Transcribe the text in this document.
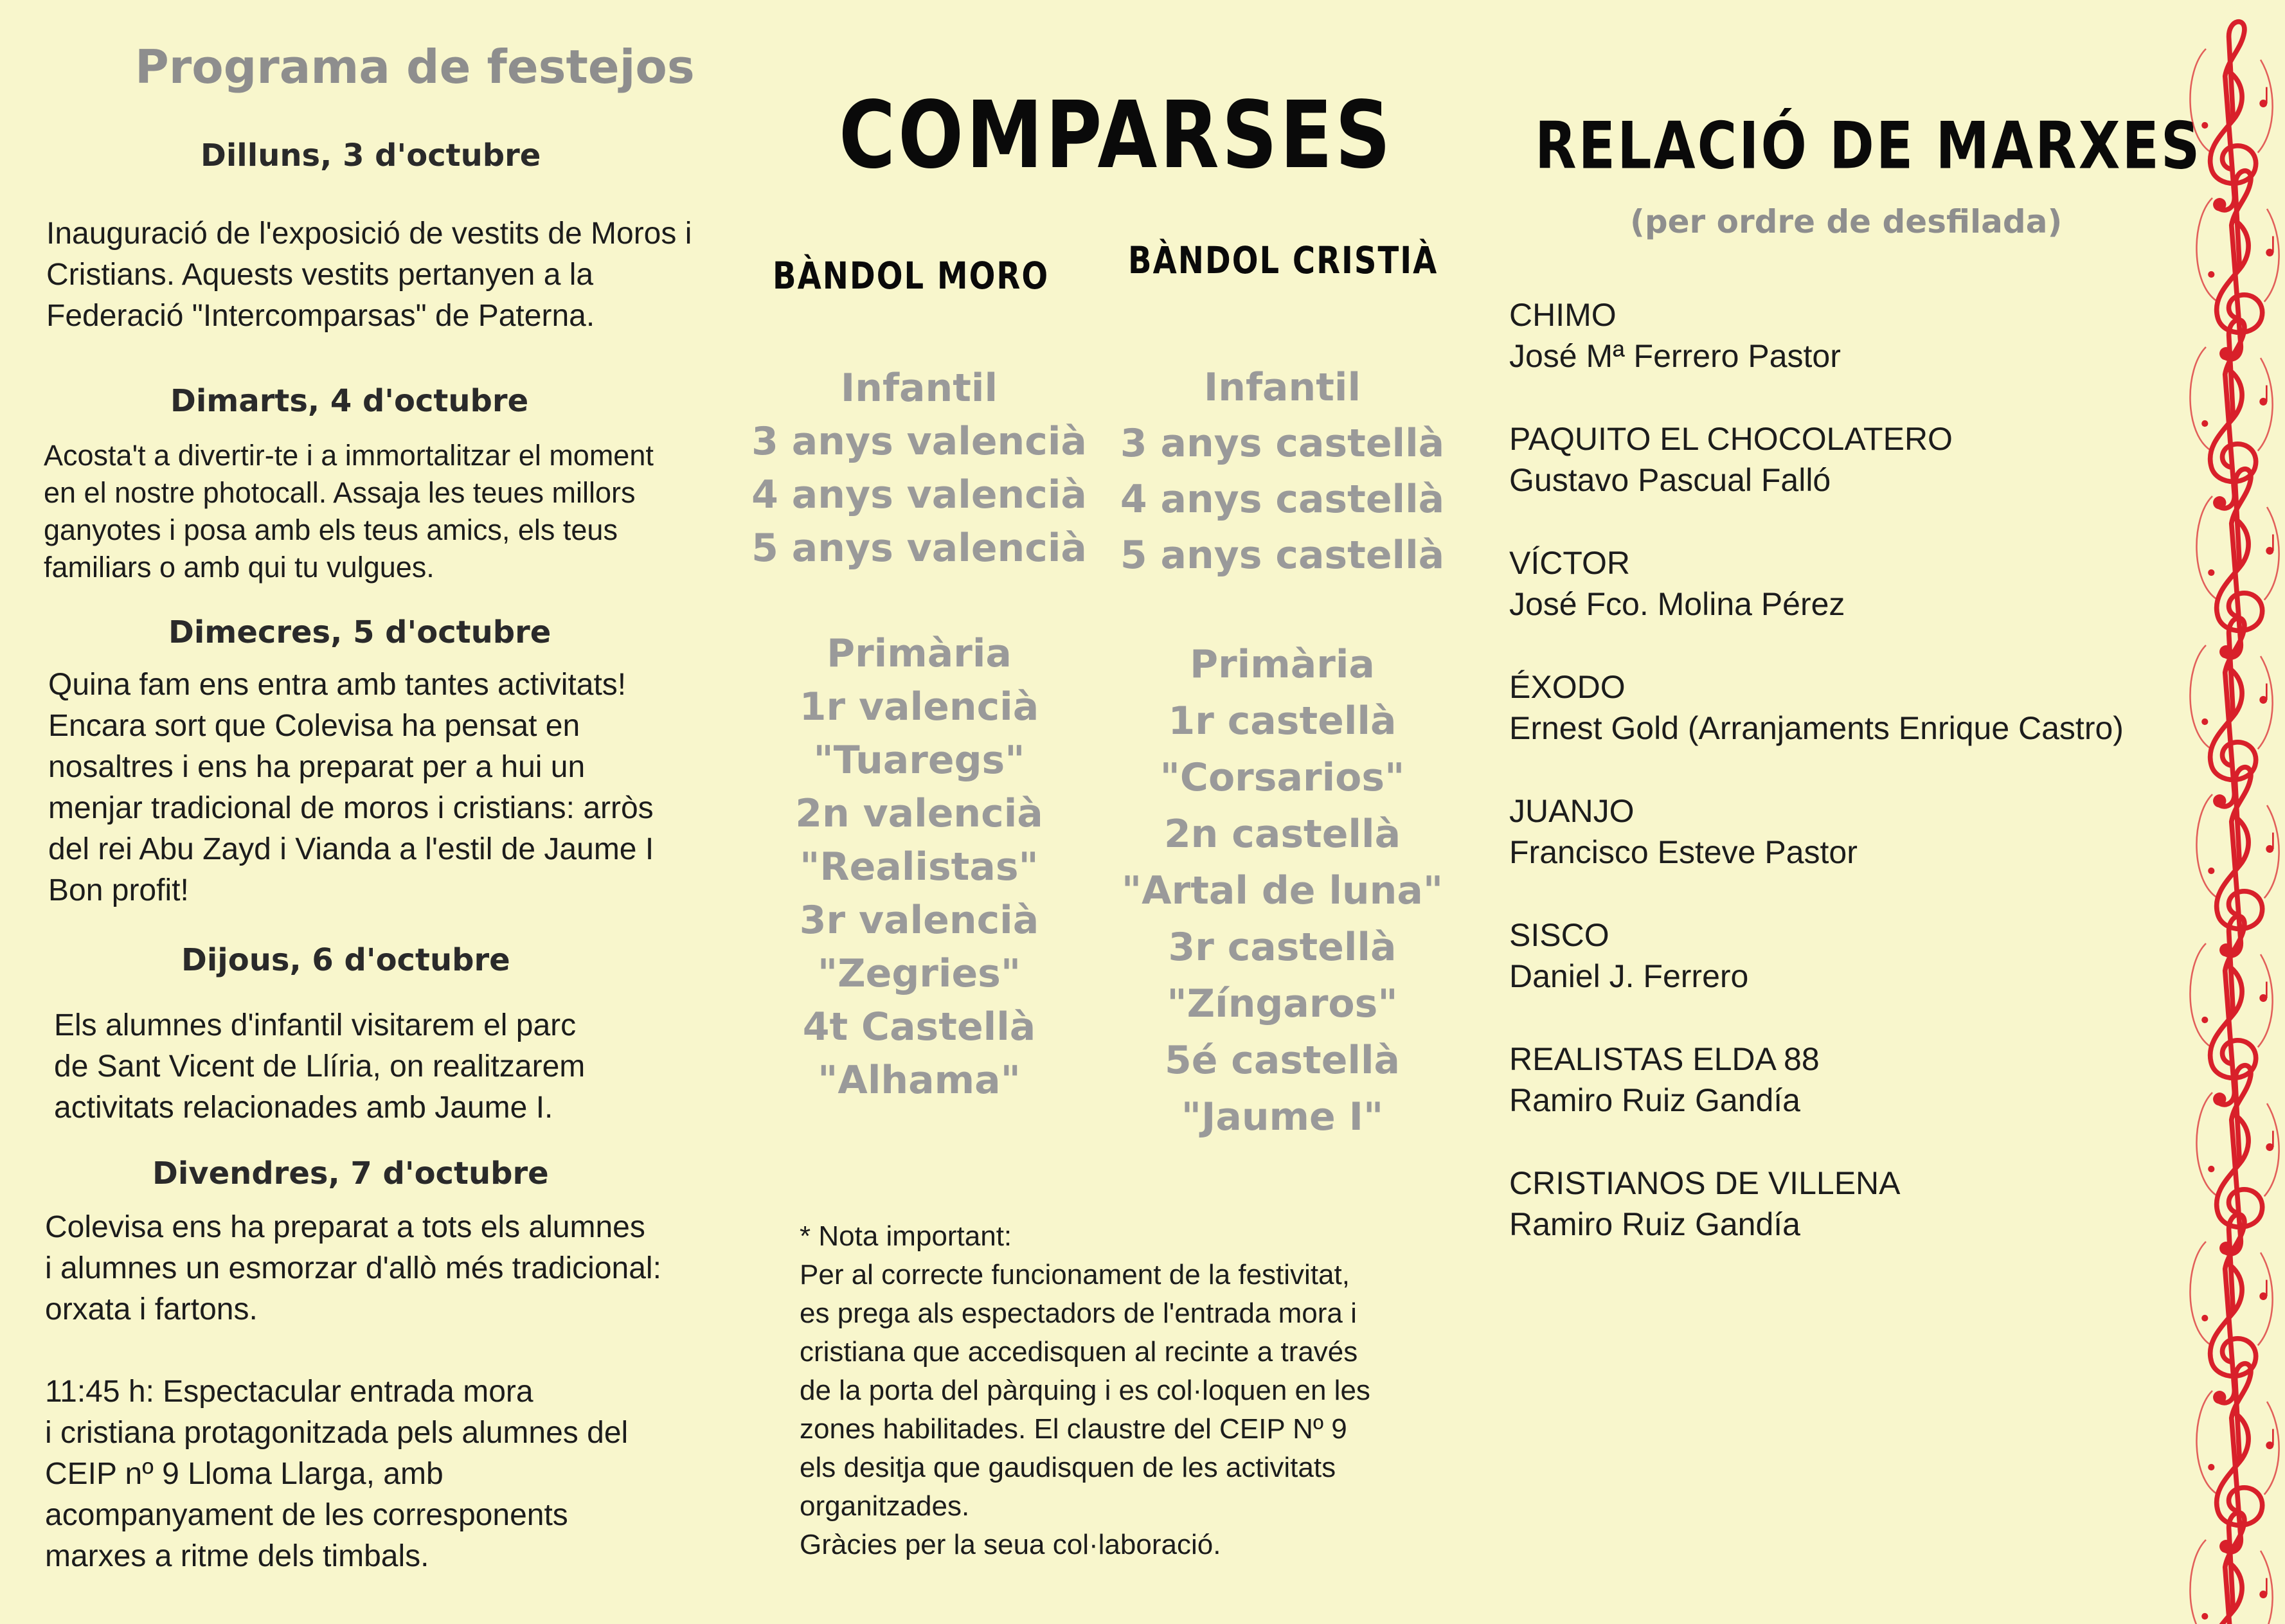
Programa de festejos
Dilluns, 3 d'octubre
Inauguració de l'exposició de vestits de Moros i
Cristians. Aquests vestits pertanyen a la
Federació "Intercomparsas" de Paterna.
Dimarts, 4 d'octubre
Acosta't a divertir-te i a immortalitzar el moment
en el nostre photocall. Assaja les teues millors
ganyotes i posa amb els teus amics, els teus
familiars o amb qui tu vulgues.
Dimecres, 5 d'octubre
Quina fam ens entra amb tantes activitats!
Encara sort que Colevisa ha pensat en
nosaltres i ens ha preparat per a hui un
menjar tradicional de moros i cristians: arròs
del rei Abu Zayd i Vianda a l'estil de Jaume I
Bon profit!
Dijous, 6 d'octubre
Els alumnes d'infantil visitarem el parc
de Sant Vicent de Llíria, on realitzarem
activitats relacionades amb Jaume I.
Divendres, 7 d'octubre
Colevisa ens ha preparat a tots els alumnes
i alumnes un esmorzar d'allò més tradicional:
orxata i fartons.

11:45 h: Espectacular entrada mora
i cristiana protagonitzada pels alumnes del
CEIP nº 9 Lloma Llarga, amb
acompanyament de les corresponents
marxes a ritme dels timbals.
COMPARSES
BÀNDOL MORO	BÀNDOL CRISTIÀ
Infantil
3 anys valencià
4 anys valencià
5 anys valencià
Primària
1r valencià
"Tuaregs"
2n valencià
"Realistas"
3r valencià
"Zegries"
4t Castellà
"Alhama"
Infantil
3 anys castellà
4 anys castellà
5 anys castellà
Primària
1r castellà
"Corsarios"
2n castellà
"Artal de luna"
3r castellà
"Zíngaros"
5é castellà
"Jaume I"
* Nota important:
Per al correcte funcionament de la festivitat,
es prega als espectadors de l'entrada mora i
cristiana que accedisquen al recinte a través
de la porta del pàrquing i es col·loquen en les
zones habilitades. El claustre del CEIP Nº 9
els desitja que gaudisquen de les activitats
organitzades.
Gràcies per la seua col·laboració.
RELACIÓ DE MARXES
(per ordre de desfilada)
CHIMO
José Mª Ferrero Pastor
PAQUITO EL CHOCOLATERO
Gustavo Pascual Falló
VÍCTOR
José Fco. Molina Pérez
ÉXODO
Ernest Gold (Arranjaments Enrique Castro)
JUANJO
Francisco Esteve Pastor
SISCO
Daniel J. Ferrero
REALISTAS ELDA 88
Ramiro Ruiz Gandía
CRISTIANOS DE VILLENA
Ramiro Ruiz Gandía
